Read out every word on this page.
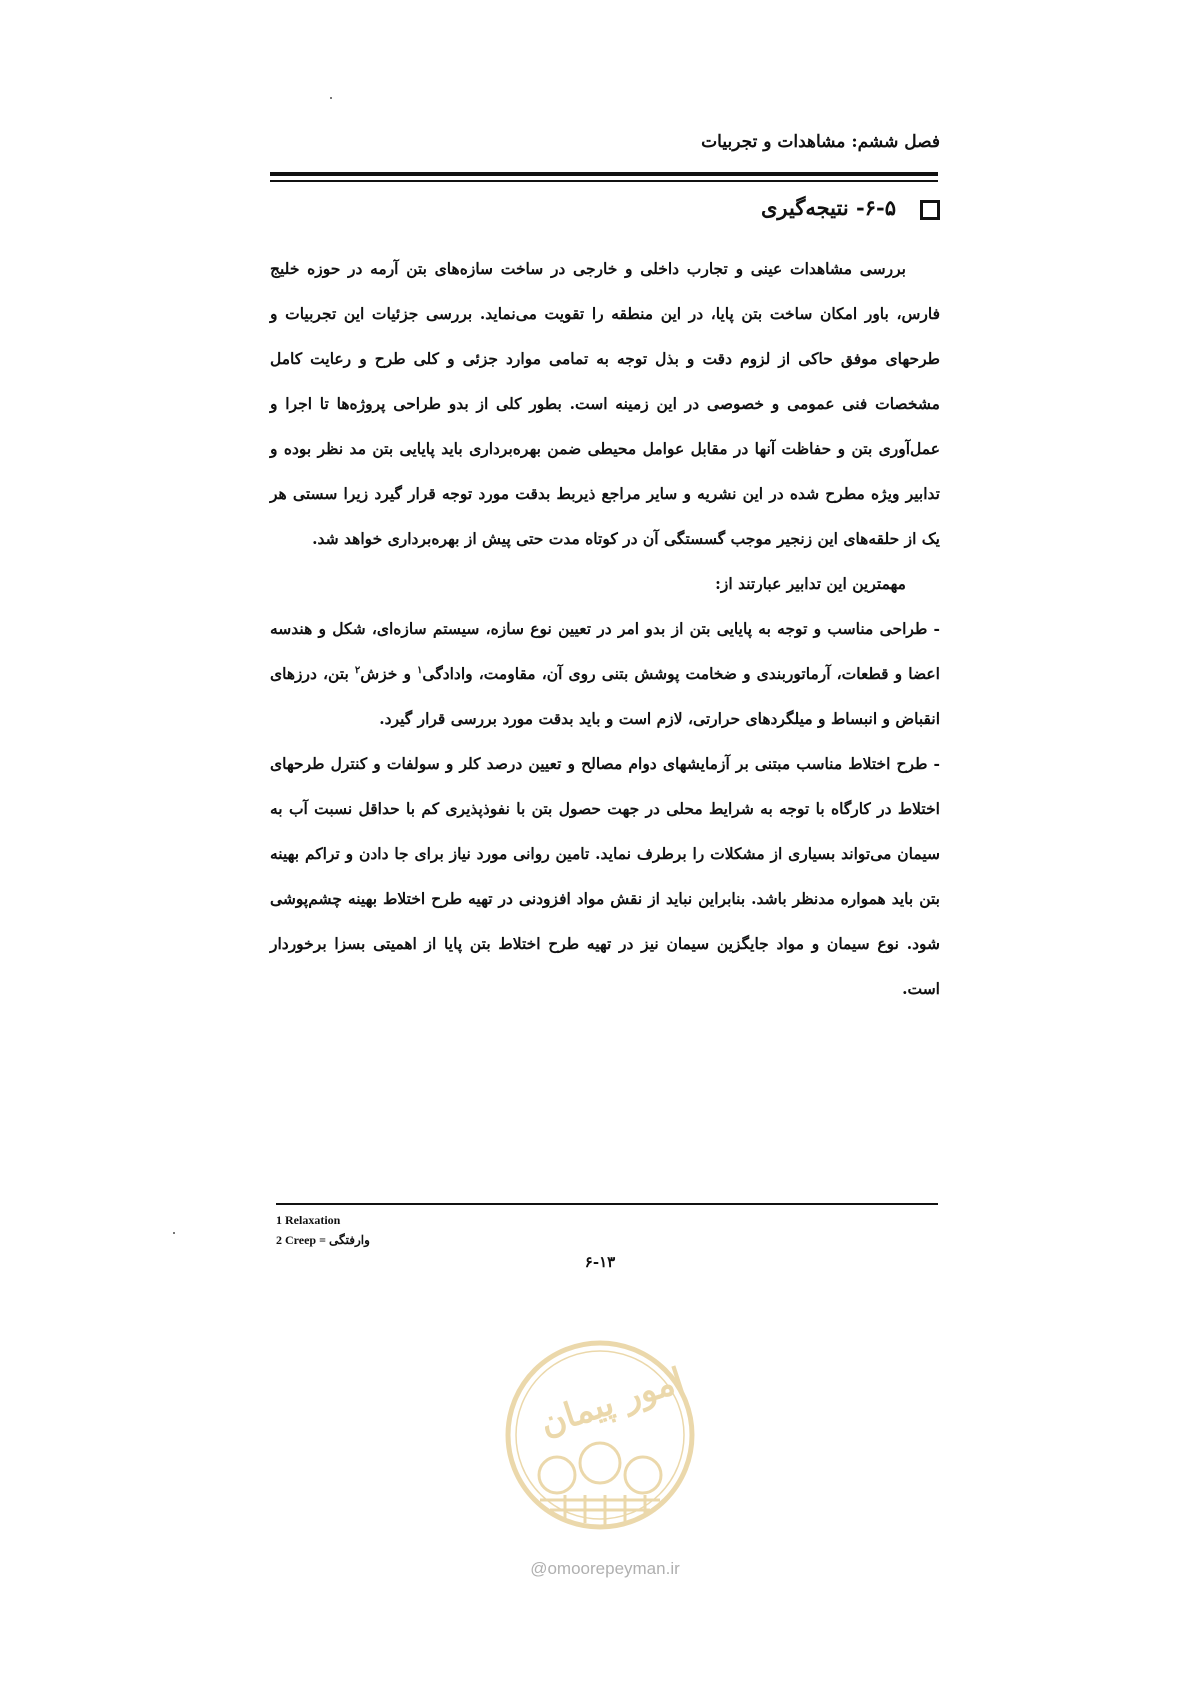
فصل ششم: مشاهدات و تجربیات
۶-۵- نتیجه‌گیری

بررسی مشاهدات عینی و تجارب داخلی و خارجی در ساخت سازه‌های بتن آرمه در حوزه خلیج فارس، باور امکان ساخت بتن پایا، در این منطقه را تقویت می‌نماید. بررسی جزئیات این تجربیات و طرحهای موفق حاکی از لزوم دقت و بذل توجه به تمامی موارد جزئی و کلی طرح و رعایت کامل مشخصات فنی عمومی و خصوصی در این زمینه است. بطور کلی از بدو طراحی پروژه‌ها تا اجرا و عمل‌آوری بتن و حفاظت آنها در مقابل عوامل محیطی ضمن بهره‌برداری باید پایایی بتن مد نظر بوده و تدابیر ویژه مطرح شده در این نشریه و سایر مراجع ذیربط بدقت مورد توجه قرار گیرد زیرا سستی هر یک از حلقه‌های این زنجیر موجب گسستگی آن در کوتاه مدت حتی پیش از بهره‌برداری خواهد شد.

مهمترین این تدابیر عبارتند از:

- طراحی مناسب و توجه به پایایی بتن از بدو امر در تعیین نوع سازه، سیستم سازه‌ای، شکل و هندسه اعضا و قطعات، آرماتوربندی و ضخامت پوشش بتنی روی آن، مقاومت، وادادگی$^۱$ و خزش$^۲$ بتن، درزهای انقباض و انبساط و میلگردهای حرارتی، لازم است و باید بدقت مورد بررسی قرار گیرد.

- طرح اختلاط مناسب مبتنی بر آزمایشهای دوام مصالح و تعیین درصد کلر و سولفات و کنترل طرحهای اختلاط در کارگاه با توجه به شرایط محلی در جهت حصول بتن با نفوذپذیری کم با حداقل نسبت آب به سیمان می‌تواند بسیاری از مشکلات را برطرف نماید. تامین روانی مورد نیاز برای جا دادن و تراکم بهینه بتن باید همواره مدنظر باشد. بنابراین نباید از نقش مواد افزودنی در تهیه طرح اختلاط بهینه چشم‌پوشی شود. نوع سیمان و مواد جایگزین سیمان نیز در تهیه طرح اختلاط بتن پایا از اهمیتی بسزا برخوردار است.

1 Relaxation
2 Creep = وارفتگی
۶-۱۳
امور پیمان
@omoorepeyman.ir
